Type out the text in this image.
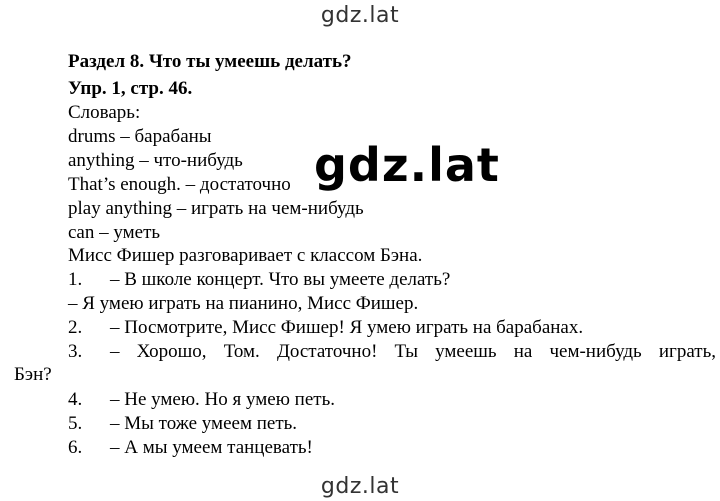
gdz.lat
Раздел 8. Что ты умеешь делать?
Упр. 1, стр. 46.
Словарь:
drums – барабаны
anything – что-нибудь
That’s enough. – достаточно
play anything – играть на чем-нибудь
can – уметь
Мисс Фишер разговаривает с классом Бэна.
1. – В школе концерт. Что вы умеете делать?
– Я умею играть на пианино, Мисс Фишер.
2. – Посмотрите, Мисс Фишер! Я умею играть на барабанах.
3. – Хорошо, Том. Достаточно! Ты умеешь на чем-нибудь играть,
Бэн?
4. – Не умею. Но я умею петь.
5. – Мы тоже умеем петь.
6. – А мы умеем танцевать!
gdz.lat
gdz.lat
